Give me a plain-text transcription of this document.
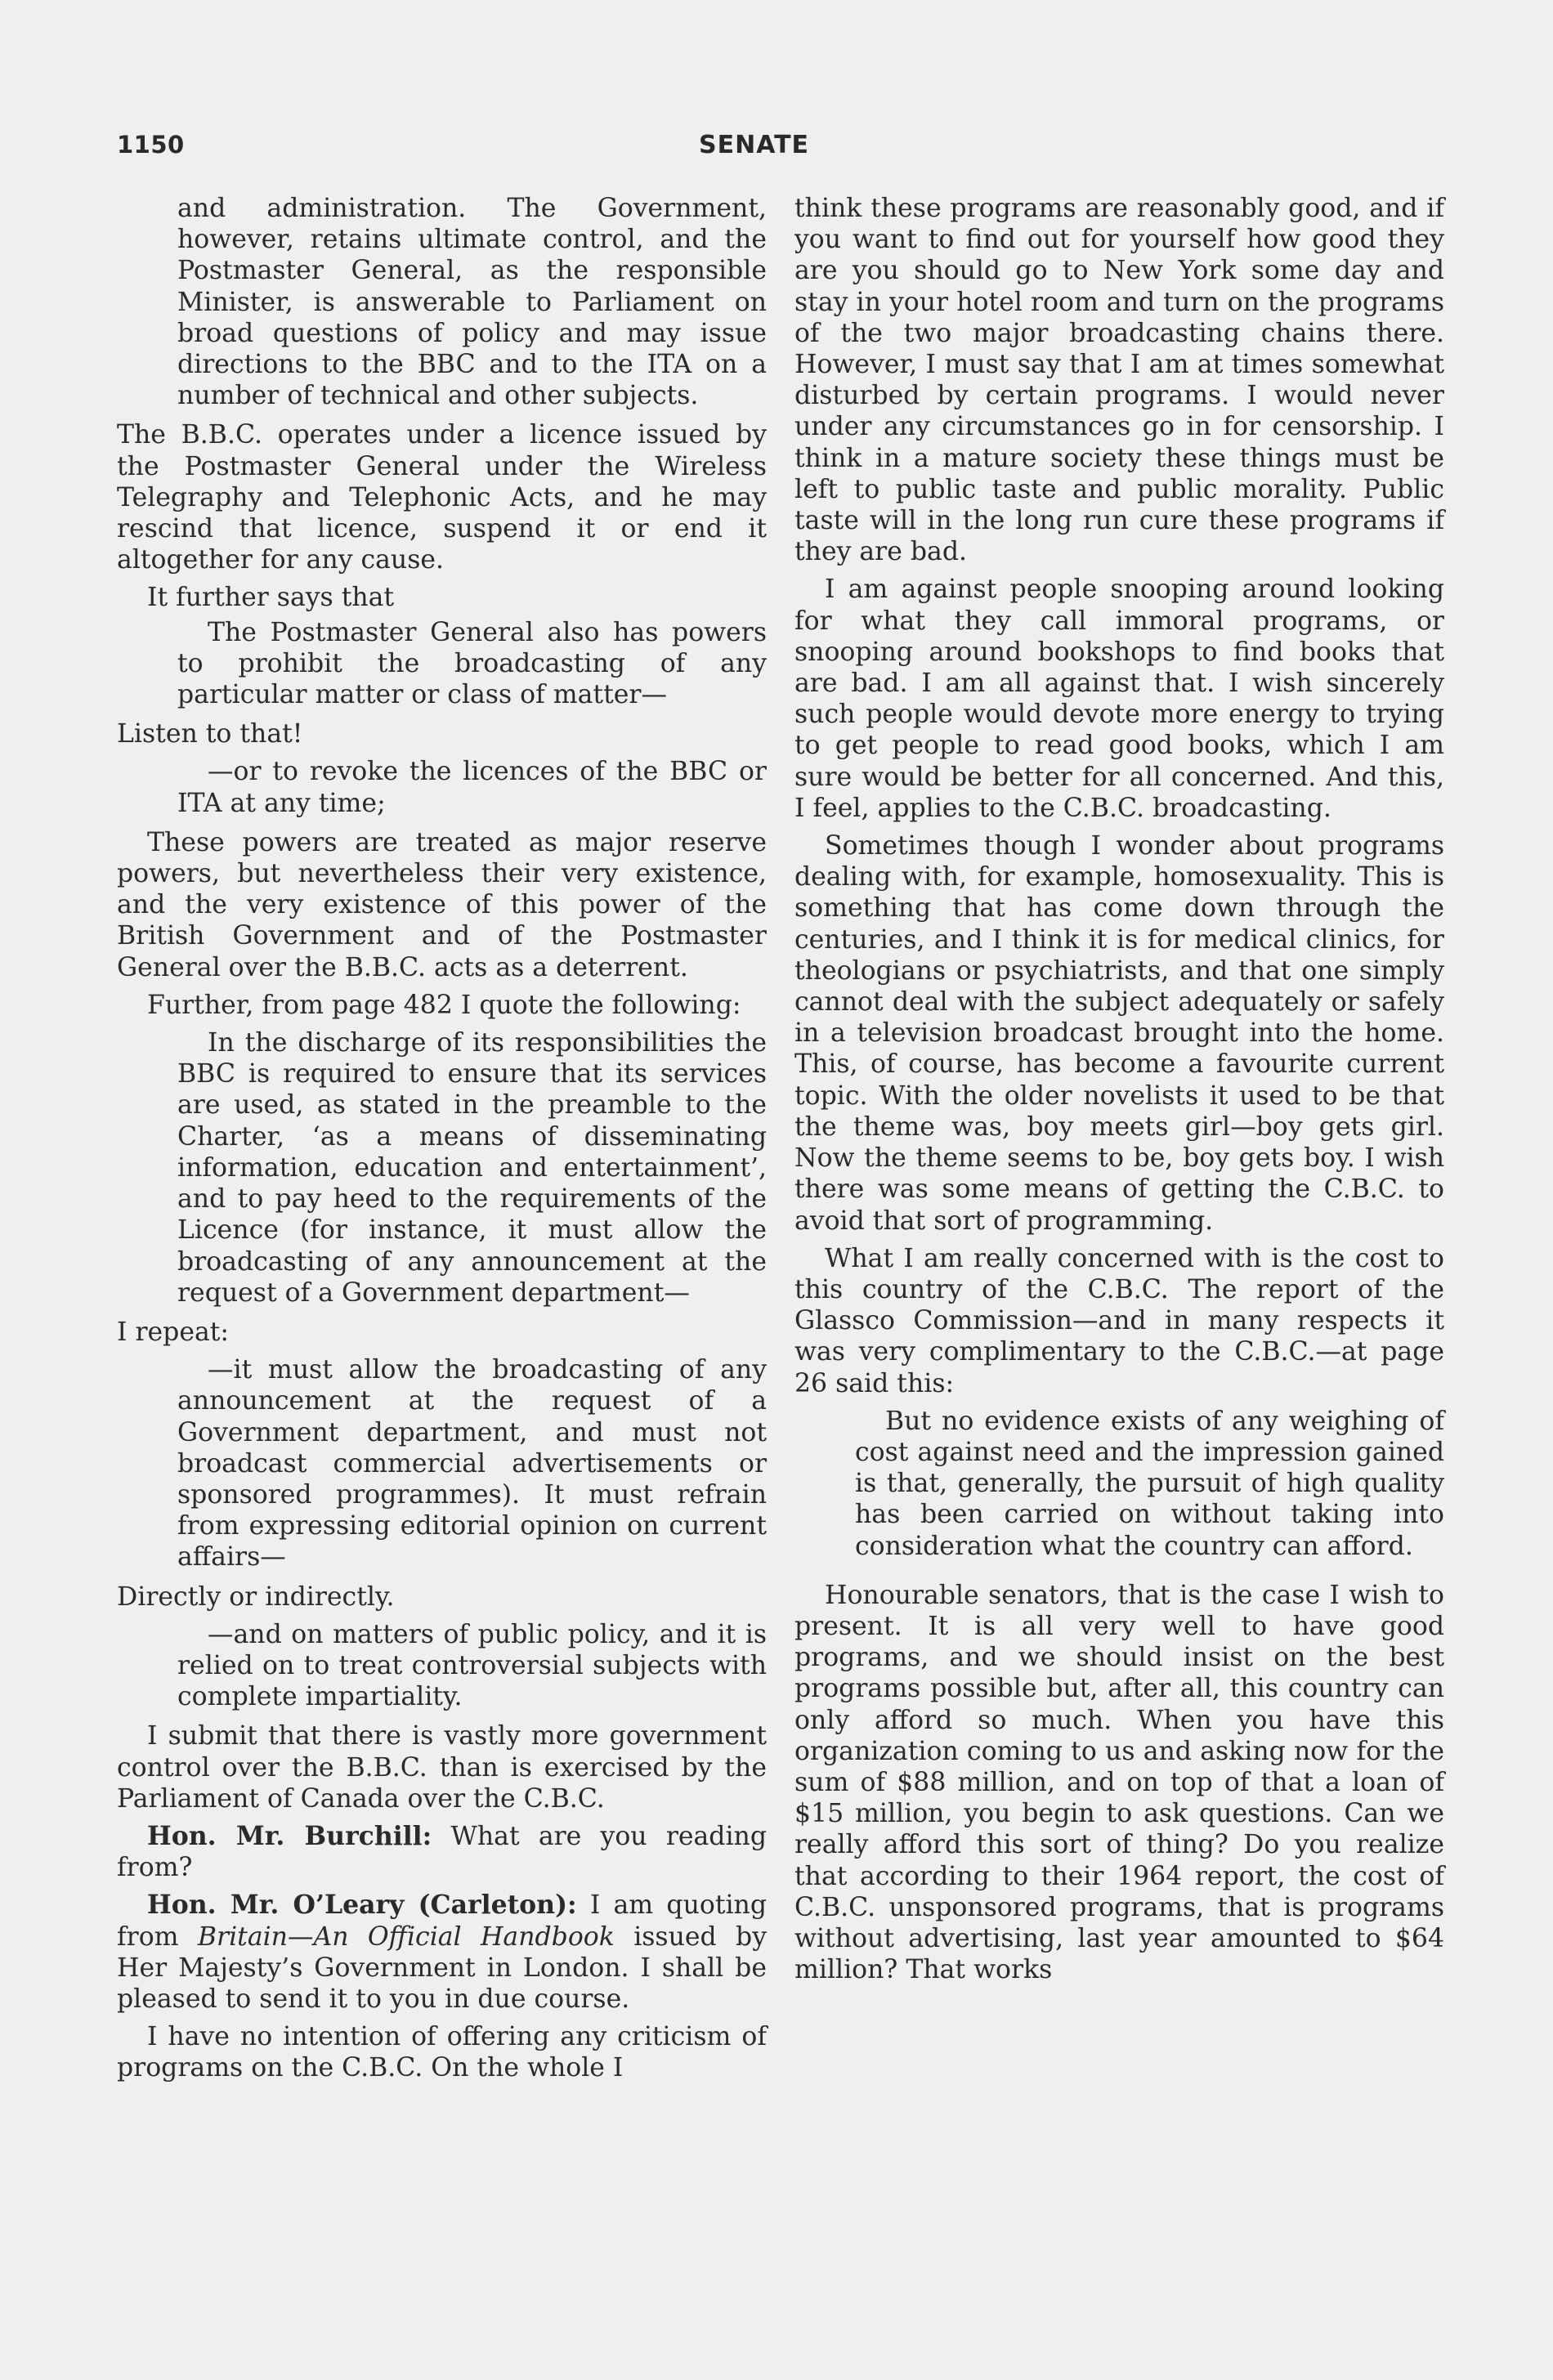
1150	SENATE

and administration. The Government, however, retains ultimate control, and the Postmaster General, as the responsible Minister, is answerable to Parliament on broad questions of policy and may issue directions to the BBC and to the ITA on a number of technical and other subjects.

The B.B.C. operates under a licence issued by the Postmaster General under the Wireless Telegraphy and Telephonic Acts, and he may rescind that licence, suspend it or end it altogether for any cause.

It further says that

The Postmaster General also has powers to prohibit the broadcasting of any particular matter or class of matter—

Listen to that!

—or to revoke the licences of the BBC or ITA at any time;

These powers are treated as major reserve powers, but nevertheless their very existence, and the very existence of this power of the British Government and of the Postmaster General over the B.B.C. acts as a deterrent.

Further, from page 482 I quote the following:

In the discharge of its responsibilities the BBC is required to ensure that its services are used, as stated in the preamble to the Charter, ‘as a means of disseminating information, education and entertainment’, and to pay heed to the requirements of the Licence (for instance, it must allow the broadcasting of any announcement at the request of a Government department—

I repeat:

—it must allow the broadcasting of any announcement at the request of a Government department, and must not broadcast commercial advertisements or sponsored programmes). It must refrain from expressing editorial opinion on current affairs—

Directly or indirectly.

—and on matters of public policy, and it is relied on to treat controversial subjects with complete impartiality.

I submit that there is vastly more government control over the B.B.C. than is exercised by the Parliament of Canada over the C.B.C.

Hon. Mr. Burchill: What are you reading from?

Hon. Mr. O’Leary (Carleton): I am quoting from Britain—An Official Handbook issued by Her Majesty’s Government in London. I shall be pleased to send it to you in due course.

I have no intention of offering any criticism of programs on the C.B.C. On the whole I

think these programs are reasonably good, and if you want to find out for yourself how good they are you should go to New York some day and stay in your hotel room and turn on the programs of the two major broadcasting chains there. However, I must say that I am at times somewhat disturbed by certain programs. I would never under any circumstances go in for censorship. I think in a mature society these things must be left to public taste and public morality. Public taste will in the long run cure these programs if they are bad.

I am against people snooping around looking for what they call immoral programs, or snooping around bookshops to find books that are bad. I am all against that. I wish sincerely such people would devote more energy to trying to get people to read good books, which I am sure would be better for all concerned. And this, I feel, applies to the C.B.C. broadcasting.

Sometimes though I wonder about programs dealing with, for example, homosexuality. This is something that has come down through the centuries, and I think it is for medical clinics, for theologians or psychiatrists, and that one simply cannot deal with the subject adequately or safely in a television broadcast brought into the home. This, of course, has become a favourite current topic. With the older novelists it used to be that the theme was, boy meets girl—boy gets girl. Now the theme seems to be, boy gets boy. I wish there was some means of getting the C.B.C. to avoid that sort of programming.

What I am really concerned with is the cost to this country of the C.B.C. The report of the Glassco Commission—and in many respects it was very complimentary to the C.B.C.—at page 26 said this:

But no evidence exists of any weighing of cost against need and the impression gained is that, generally, the pursuit of high quality has been carried on without taking into consideration what the country can afford.

Honourable senators, that is the case I wish to present. It is all very well to have good programs, and we should insist on the best programs possible but, after all, this country can only afford so much. When you have this organization coming to us and asking now for the sum of $88 million, and on top of that a loan of $15 million, you begin to ask questions. Can we really afford this sort of thing? Do you realize that according to their 1964 report, the cost of C.B.C. unsponsored programs, that is programs without advertising, last year amounted to $64 million? That works
